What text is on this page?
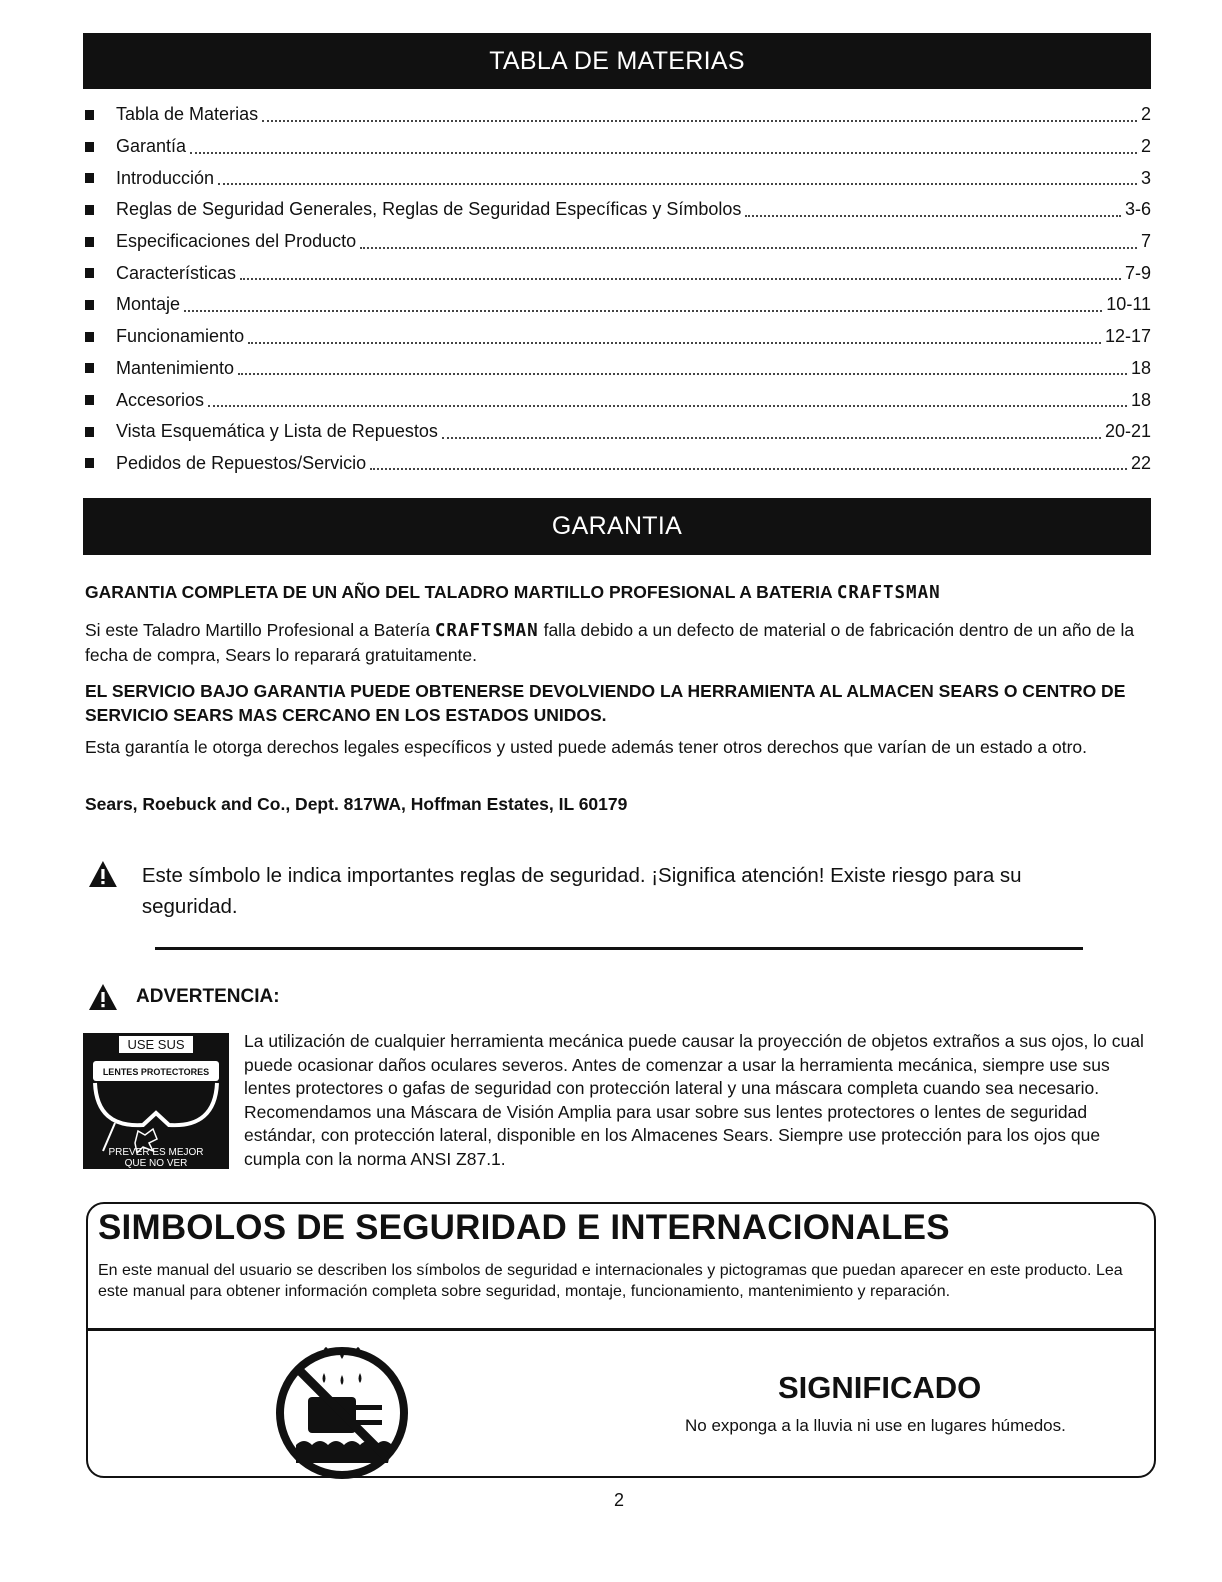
TABLA DE MATERIAS
Tabla de Materias	2
Garantía	2
Introducción	3
Reglas de Seguridad Generales, Reglas de Seguridad Específicas y Símbolos	3-6
Especificaciones del Producto	7
Características	7-9
Montaje	10-11
Funcionamiento	12-17
Mantenimiento	18
Accesorios	18
Vista Esquemática y Lista de Repuestos	20-21
Pedidos de Repuestos/Servicio	22
GARANTIA
GARANTIA COMPLETA DE UN AÑO DEL TALADRO MARTILLO PROFESIONAL A BATERIA CRAFTSMAN
Si este Taladro Martillo Profesional a Batería CRAFTSMAN falla debido a un defecto de material o de fabricación dentro de un año de la fecha de compra, Sears lo reparará gratuitamente.
EL SERVICIO BAJO GARANTIA PUEDE OBTENERSE DEVOLVIENDO LA HERRAMIENTA AL ALMACEN SEARS O CENTRO DE SERVICIO SEARS MAS CERCANO EN LOS ESTADOS UNIDOS.
Esta garantía le otorga derechos legales específicos y usted puede además tener otros derechos que varían de un estado a otro.
Sears, Roebuck and Co., Dept. 817WA, Hoffman Estates, IL 60179
Este símbolo le indica importantes reglas de seguridad. ¡Significa atención! Existe riesgo para su seguridad.
ADVERTENCIA:
USE SUS
LENTES PROTECTORES
PREVER ES MEJOR
QUE NO VER
La utilización de cualquier herramienta mecánica puede causar la proyección de objetos extraños a sus ojos, lo cual puede ocasionar daños oculares severos. Antes de comenzar a usar la herramienta mecánica, siempre use sus lentes protectores o gafas de seguridad con protección lateral y una máscara completa cuando sea necesario. Recomendamos una Máscara de Visión Amplia para usar sobre sus lentes protectores o lentes de seguridad estándar, con protección lateral, disponible en los Almacenes Sears. Siempre use protección para los ojos que cumpla con la norma ANSI Z87.1.
SIMBOLOS DE SEGURIDAD E INTERNACIONALES
En este manual del usuario se describen los símbolos de seguridad e internacionales y pictogramas que puedan aparecer en este producto. Lea este manual para obtener información completa sobre seguridad, montaje, funcionamiento, mantenimiento y reparación.
SIGNIFICADO
No exponga a la lluvia ni use en lugares húmedos.
2
